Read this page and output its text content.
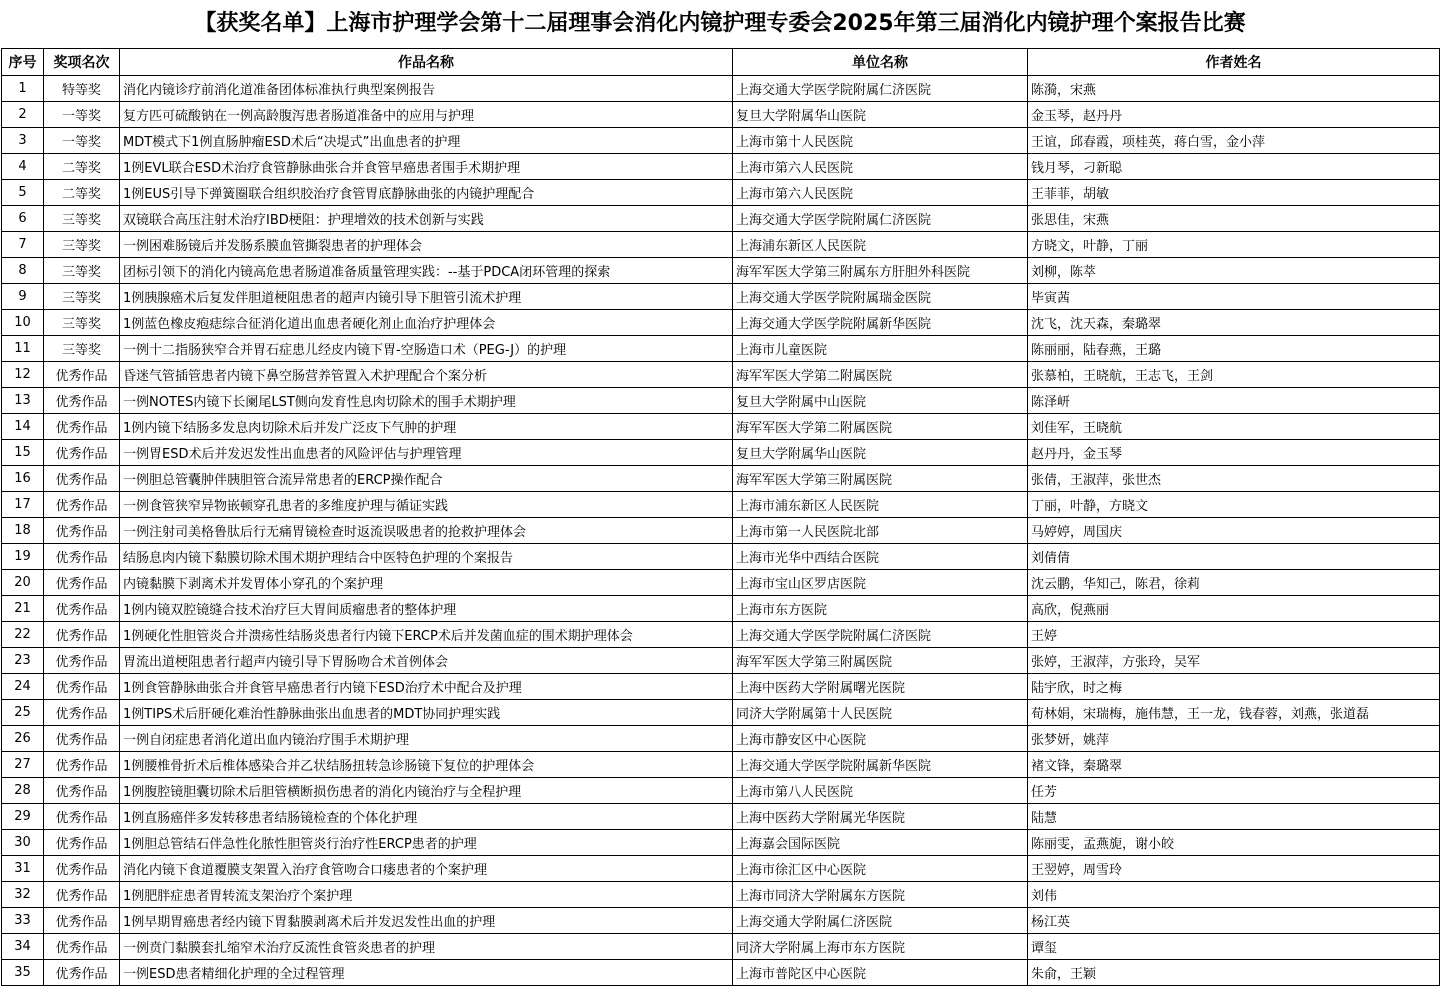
【获奖名单】上海市护理学会第十二届理事会消化内镜护理专委会2025年第三届消化内镜护理个案报告比赛
序号	奖项名次	作品名称	单位名称	作者姓名
1	特等奖	消化内镜诊疗前消化道准备团体标准执行典型案例报告	上海交通大学医学院附属仁济医院	陈漪，宋燕
2	一等奖	复方匹可硫酸钠在一例高龄腹泻患者肠道准备中的应用与护理	复旦大学附属华山医院	金玉琴，赵丹丹
3	一等奖	MDT模式下1例直肠肿瘤ESD术后“决堤式”出血患者的护理	上海市第十人民医院	王谊，邱春霞，项桂英，蒋白雪，金小萍
4	二等奖	1例EVL联合ESD术治疗食管静脉曲张合并食管早癌患者围手术期护理	上海市第六人民医院	钱月琴，刁新聪
5	二等奖	1例EUS引导下弹簧圈联合组织胶治疗食管胃底静脉曲张的内镜护理配合	上海市第六人民医院	王菲菲，胡敏
6	三等奖	双镜联合高压注射术治疗IBD梗阻：护理增效的技术创新与实践	上海交通大学医学院附属仁济医院	张思佳，宋燕
7	三等奖	一例困难肠镜后并发肠系膜血管撕裂患者的护理体会	上海浦东新区人民医院	方晓文，叶静，丁丽
8	三等奖	团标引领下的消化内镜高危患者肠道准备质量管理实践：--基于PDCA闭环管理的探索	海军军医大学第三附属东方肝胆外科医院	刘柳，陈萃
9	三等奖	1例胰腺癌术后复发伴胆道梗阻患者的超声内镜引导下胆管引流术护理	上海交通大学医学院附属瑞金医院	毕寅茜
10	三等奖	1例蓝色橡皮疱痣综合征消化道出血患者硬化剂止血治疗护理体会	上海交通大学医学院附属新华医院	沈飞，沈天森，秦璐翠
11	三等奖	一例十二指肠狭窄合并胃石症患儿经皮内镜下胃-空肠造口术（PEG-J）的护理	上海市儿童医院	陈丽丽，陆春燕，王璐
12	优秀作品	昏迷气管插管患者内镜下鼻空肠营养管置入术护理配合个案分析	海军军医大学第二附属医院	张慕柏，王晓航，王志飞，王剑
13	优秀作品	一例NOTES内镜下长阑尾LST侧向发育性息肉切除术的围手术期护理	复旦大学附属中山医院	陈泽岍
14	优秀作品	1例内镜下结肠多发息肉切除术后并发广泛皮下气肿的护理	海军军医大学第二附属医院	刘佳军，王晓航
15	优秀作品	一例胃ESD术后并发迟发性出血患者的风险评估与护理管理	复旦大学附属华山医院	赵丹丹，金玉琴
16	优秀作品	一例胆总管囊肿伴胰胆管合流异常患者的ERCP操作配合	海军军医大学第三附属医院	张倩，王淑萍，张世杰
17	优秀作品	一例食管狭窄异物嵌顿穿孔患者的多维度护理与循证实践	上海市浦东新区人民医院	丁丽，叶静，方晓文
18	优秀作品	一例注射司美格鲁肽后行无痛胃镜检查时返流误吸患者的抢救护理体会	上海市第一人民医院北部	马婷婷，周国庆
19	优秀作品	结肠息肉内镜下黏膜切除术围术期护理结合中医特色护理的个案报告	上海市光华中西结合医院	刘倩倩
20	优秀作品	内镜黏膜下剥离术并发胃体小穿孔的个案护理	上海市宝山区罗店医院	沈云鹏，华知己，陈君，徐莉
21	优秀作品	1例内镜双腔镜缝合技术治疗巨大胃间质瘤患者的整体护理	上海市东方医院	高欣，倪燕丽
22	优秀作品	1例硬化性胆管炎合并溃疡性结肠炎患者行内镜下ERCP术后并发菌血症的围术期护理体会	上海交通大学医学院附属仁济医院	王婷
23	优秀作品	胃流出道梗阻患者行超声内镜引导下胃肠吻合术首例体会	海军军医大学第三附属医院	张婷，王淑萍，方张玲，吴军
24	优秀作品	1例食管静脉曲张合并食管早癌患者行内镜下ESD治疗术中配合及护理	上海中医药大学附属曙光医院	陆宇欣，时之梅
25	优秀作品	1例TIPS术后肝硬化难治性静脉曲张出血患者的MDT协同护理实践	同济大学附属第十人民医院	荀林娟，宋瑞梅，施伟慧，王一龙，钱春蓉，刘燕，张道磊
26	优秀作品	一例自闭症患者消化道出血内镜治疗围手术期护理	上海市静安区中心医院	张梦妍，姚萍
27	优秀作品	1例腰椎骨折术后椎体感染合并乙状结肠扭转急诊肠镜下复位的护理体会	上海交通大学医学院附属新华医院	褚文锋，秦璐翠
28	优秀作品	1例腹腔镜胆囊切除术后胆管横断损伤患者的消化内镜治疗与全程护理	上海市第八人民医院	任芳
29	优秀作品	1例直肠癌伴多发转移患者结肠镜检查的个体化护理	上海中医药大学附属光华医院	陆慧
30	优秀作品	1例胆总管结石伴急性化脓性胆管炎行治疗性ERCP患者的护理	上海嘉会国际医院	陈丽雯，孟燕旎，谢小皎
31	优秀作品	消化内镜下食道覆膜支架置入治疗食管吻合口瘘患者的个案护理	上海市徐汇区中心医院	王翌婷，周雪玲
32	优秀作品	1例肥胖症患者胃转流支架治疗个案护理	上海市同济大学附属东方医院	刘伟
33	优秀作品	1例早期胃癌患者经内镜下胃黏膜剥离术后并发迟发性出血的护理	上海交通大学附属仁济医院	杨江英
34	优秀作品	一例贲门黏膜套扎缩窄术治疗反流性食管炎患者的护理	同济大学附属上海市东方医院	谭玺
35	优秀作品	一例ESD患者精细化护理的全过程管理	上海市普陀区中心医院	朱俞，王颖
